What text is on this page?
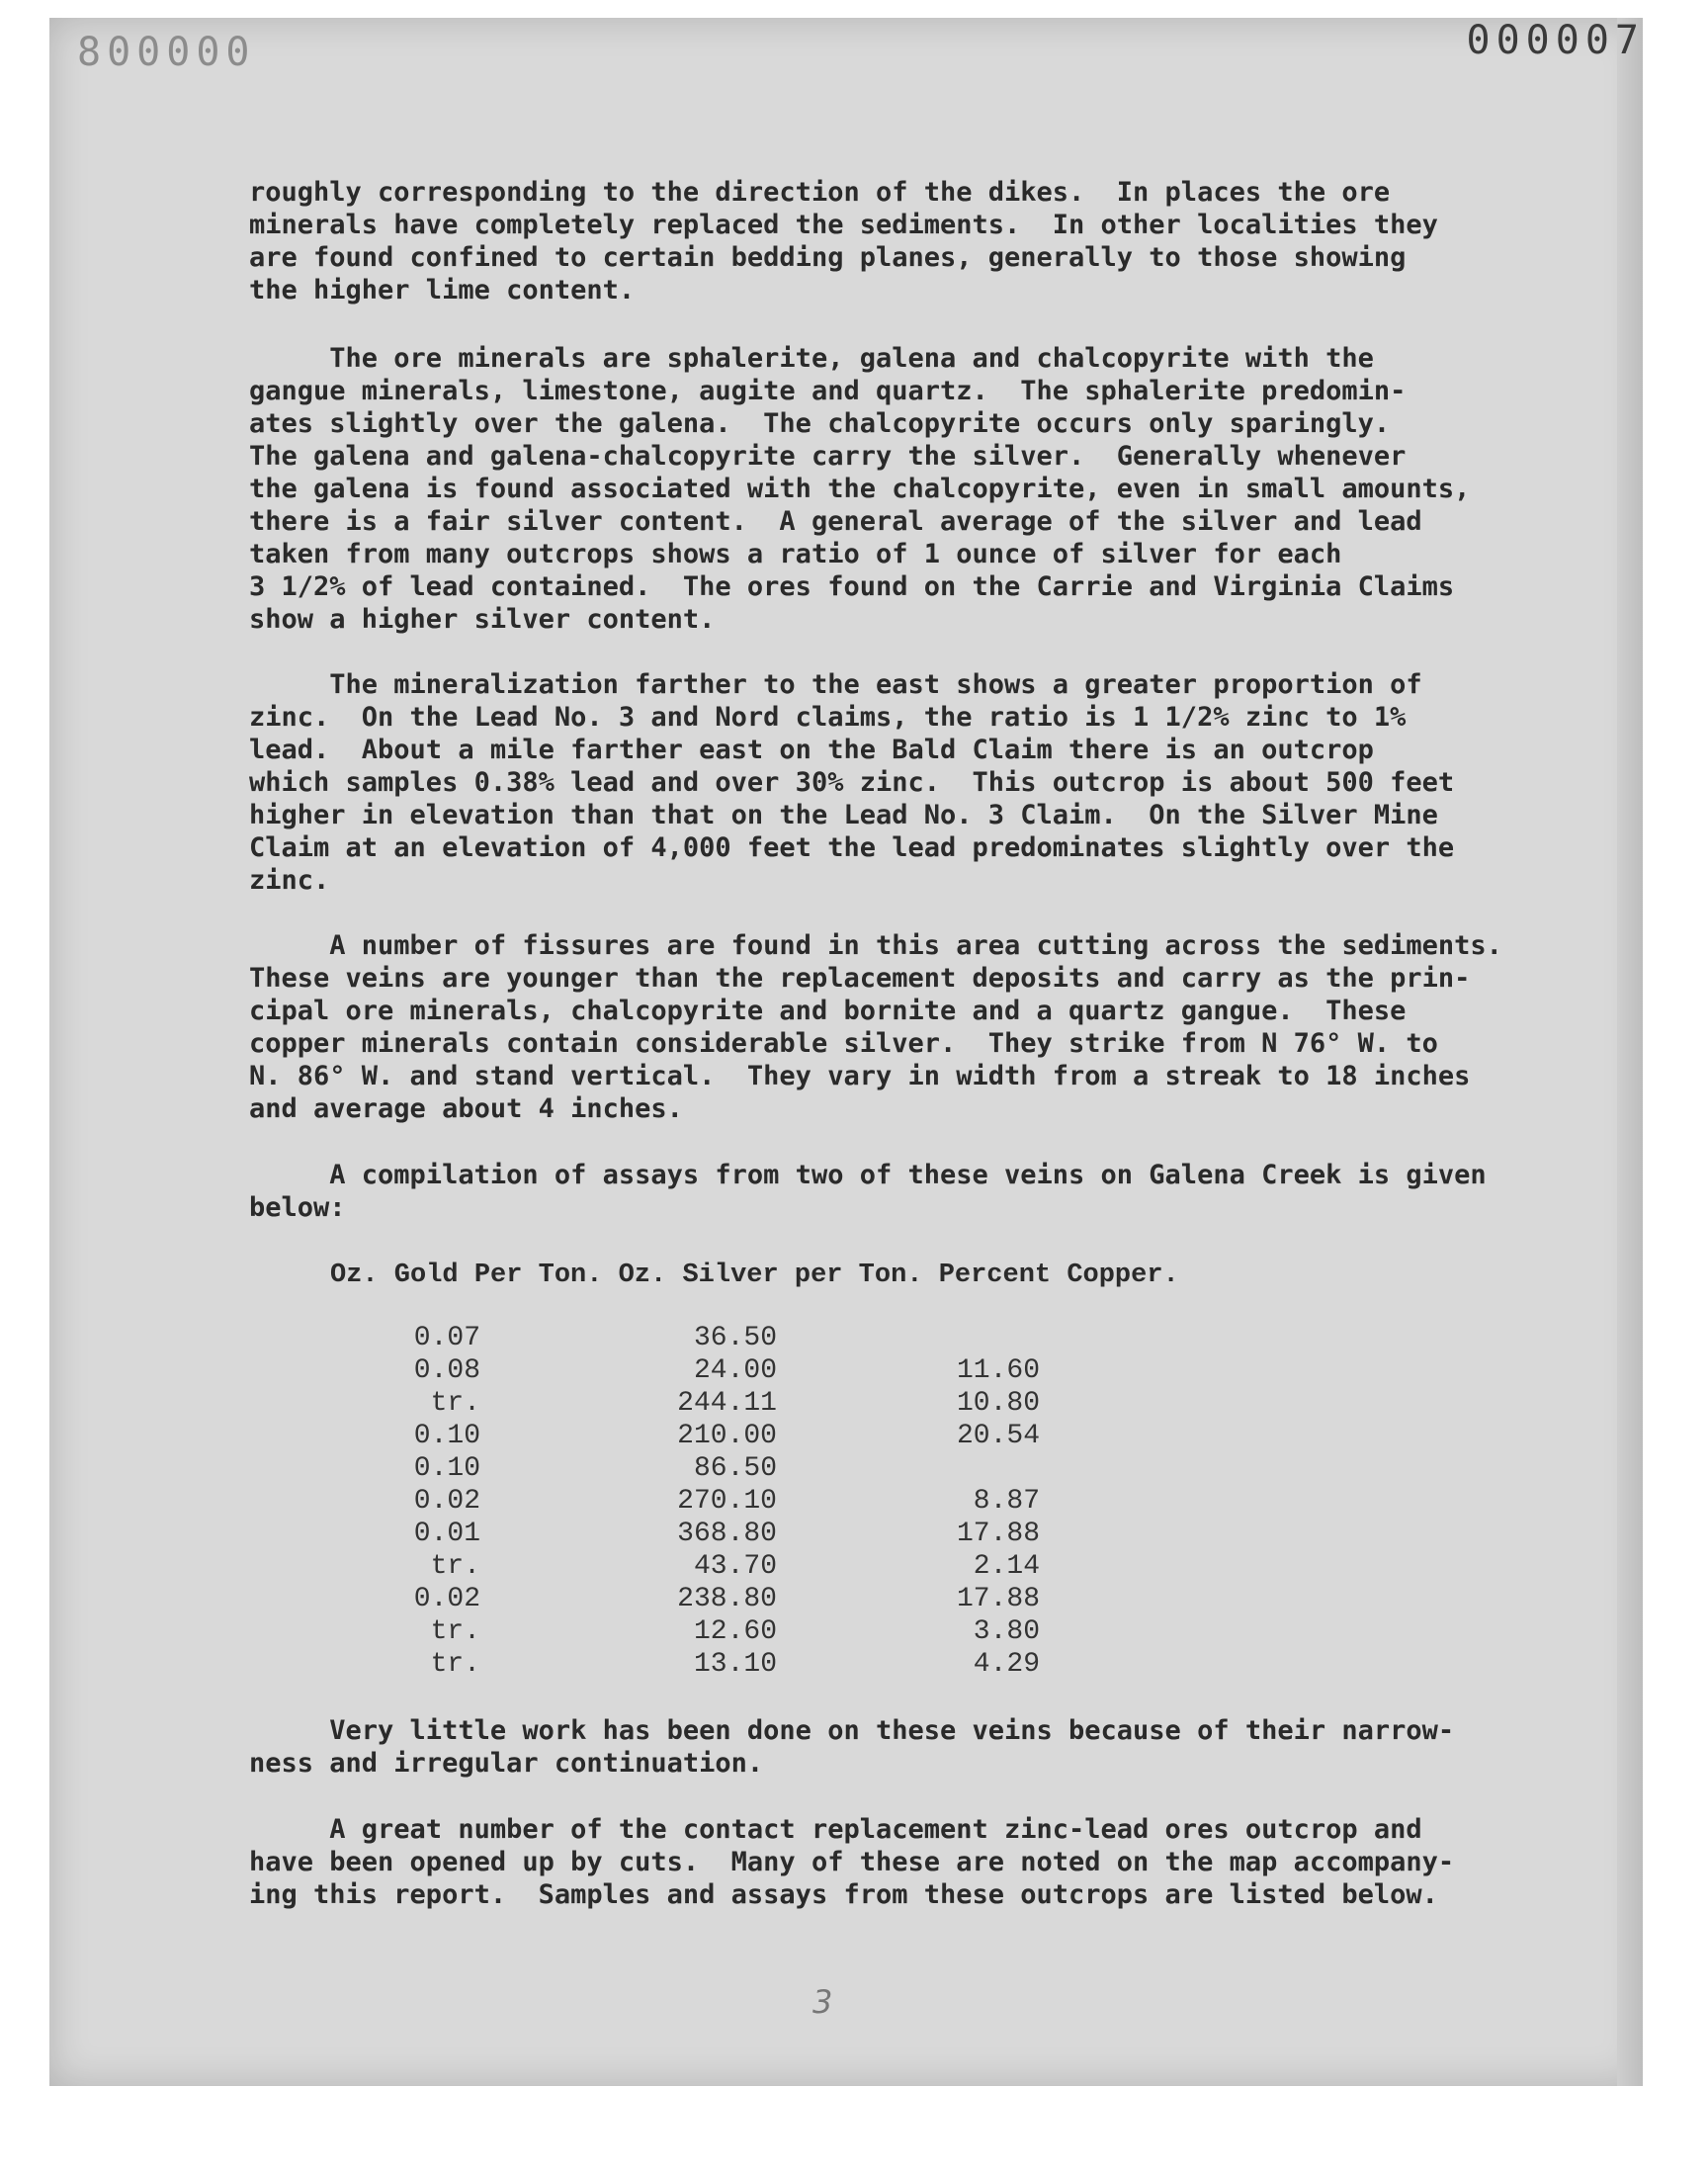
800000	000007
roughly corresponding to the direction of the dikes.  In places the ore
minerals have completely replaced the sediments.  In other localities they
are found confined to certain bedding planes, generally to those showing
the higher lime content.
The ore minerals are sphalerite, galena and chalcopyrite with the
gangue minerals, limestone, augite and quartz.  The sphalerite predomin-
ates slightly over the galena.  The chalcopyrite occurs only sparingly.
The galena and galena-chalcopyrite carry the silver.  Generally whenever
the galena is found associated with the chalcopyrite, even in small amounts,
there is a fair silver content.  A general average of the silver and lead
taken from many outcrops shows a ratio of 1 ounce of silver for each
3 1/2% of lead contained.  The ores found on the Carrie and Virginia Claims
show a higher silver content.
The mineralization farther to the east shows a greater proportion of
zinc.  On the Lead No. 3 and Nord claims, the ratio is 1 1/2% zinc to 1%
lead.  About a mile farther east on the Bald Claim there is an outcrop
which samples 0.38% lead and over 30% zinc.  This outcrop is about 500 feet
higher in elevation than that on the Lead No. 3 Claim.  On the Silver Mine
Claim at an elevation of 4,000 feet the lead predominates slightly over the
zinc.
A number of fissures are found in this area cutting across the sediments.
These veins are younger than the replacement deposits and carry as the prin-
cipal ore minerals, chalcopyrite and bornite and a quartz gangue.  These
copper minerals contain considerable silver.  They strike from N 76° W. to
N. 86° W. and stand vertical.  They vary in width from a streak to 18 inches
and average about 4 inches.
A compilation of assays from two of these veins on Galena Creek is given
below:
Oz. Gold Per Ton. Oz. Silver per Ton. Percent Copper.
0.07	36.50
0.08	24.00	11.60
tr.	244.11	10.80
0.10	210.00	20.54
0.10	86.50
0.02	270.10	8.87
0.01	368.80	17.88
tr.	43.70	2.14
0.02	238.80	17.88
tr.	12.60	3.80
tr.	13.10	4.29
Very little work has been done on these veins because of their narrow-
ness and irregular continuation.
A great number of the contact replacement zinc-lead ores outcrop and
have been opened up by cuts.  Many of these are noted on the map accompany-
ing this report.  Samples and assays from these outcrops are listed below.
3
